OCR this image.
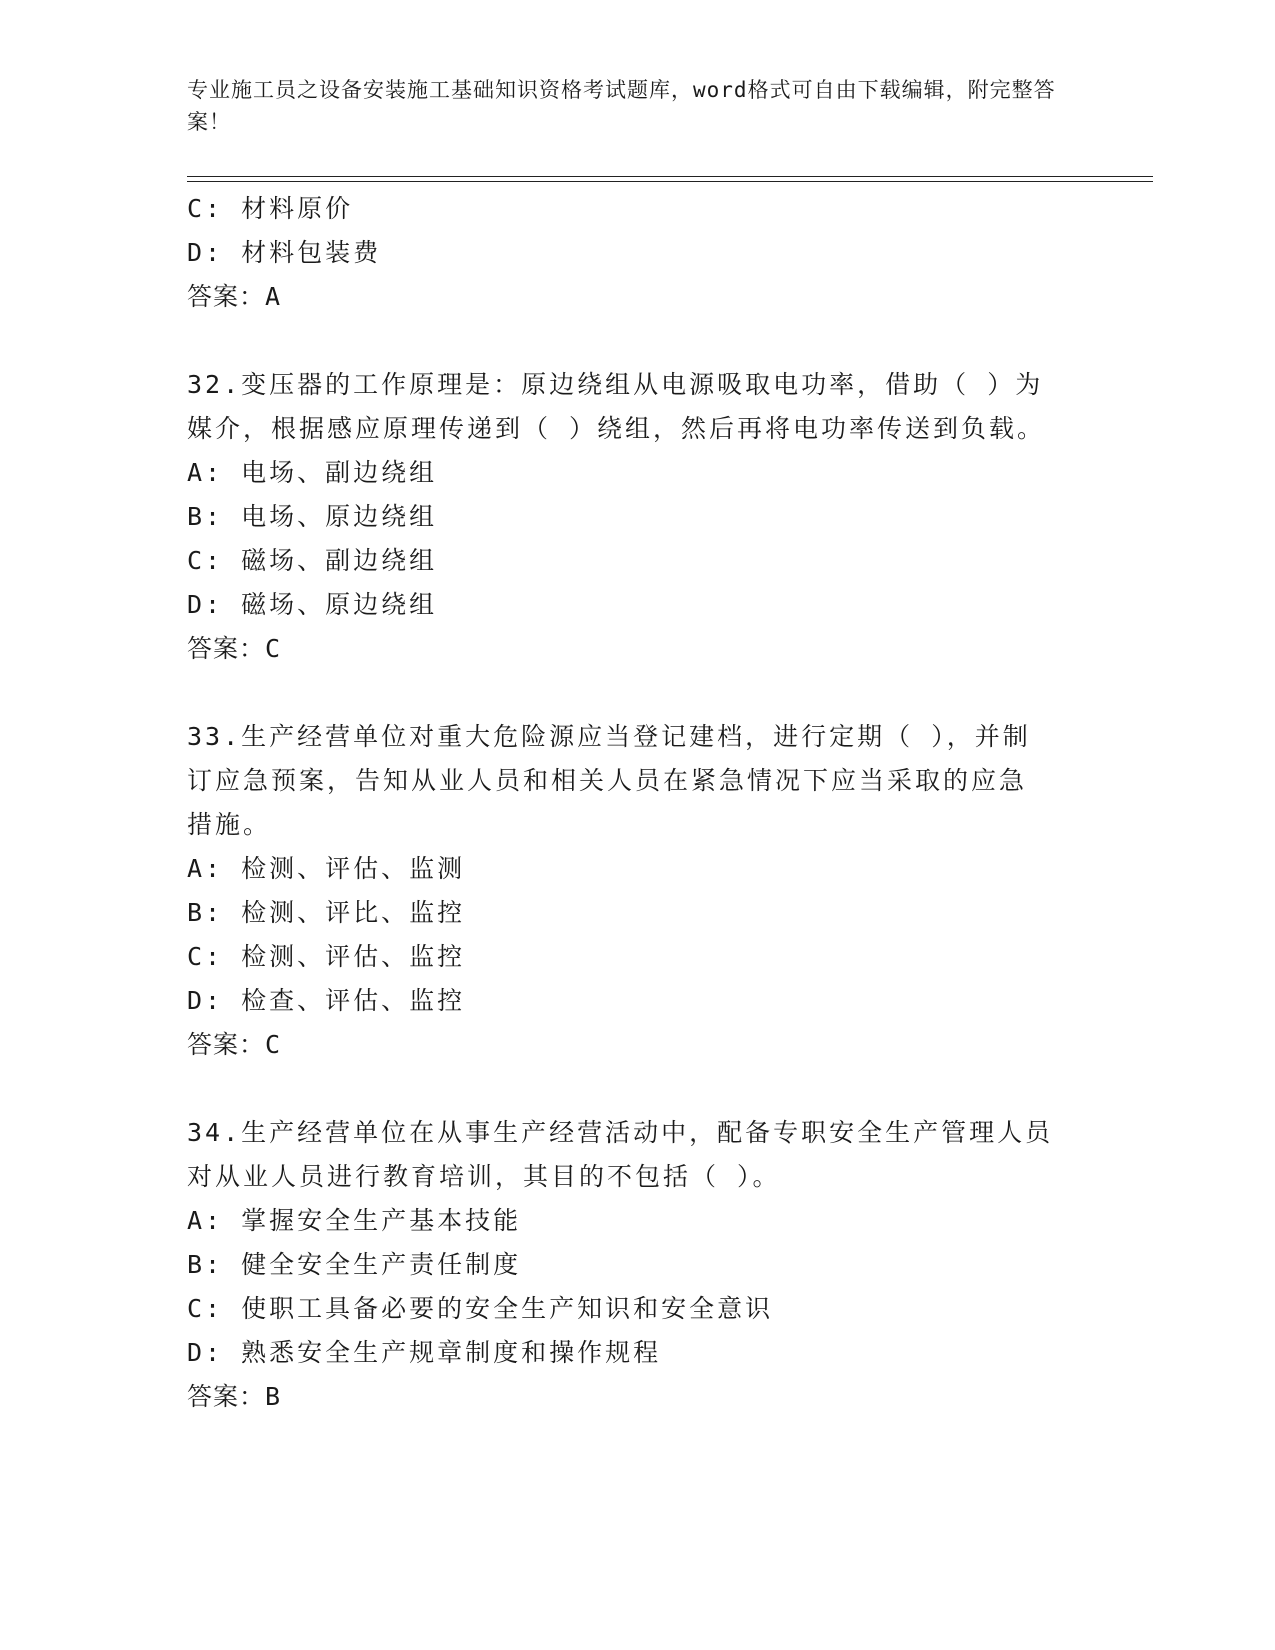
专业施工员之设备安装施工基础知识资格考试题库，word格式可自由下载编辑，附完整答案！
C: 材料原价
D: 材料包装费
答案：A
32.变压器的工作原理是：原边绕组从电源吸取电功率，借助（ ）为
媒介，根据感应原理传递到（ ）绕组，然后再将电功率传送到负载。
A: 电场、副边绕组
B: 电场、原边绕组
C: 磁场、副边绕组
D: 磁场、原边绕组
答案：C
33.生产经营单位对重大危险源应当登记建档，进行定期（ ），并制
订应急预案，告知从业人员和相关人员在紧急情况下应当采取的应急
措施。
A: 检测、评估、监测
B: 检测、评比、监控
C: 检测、评估、监控
D: 检查、评估、监控
答案：C
34.生产经营单位在从事生产经营活动中，配备专职安全生产管理人员
对从业人员进行教育培训，其目的不包括（ ）。
A: 掌握安全生产基本技能
B: 健全安全生产责任制度
C: 使职工具备必要的安全生产知识和安全意识
D: 熟悉安全生产规章制度和操作规程
答案：B
